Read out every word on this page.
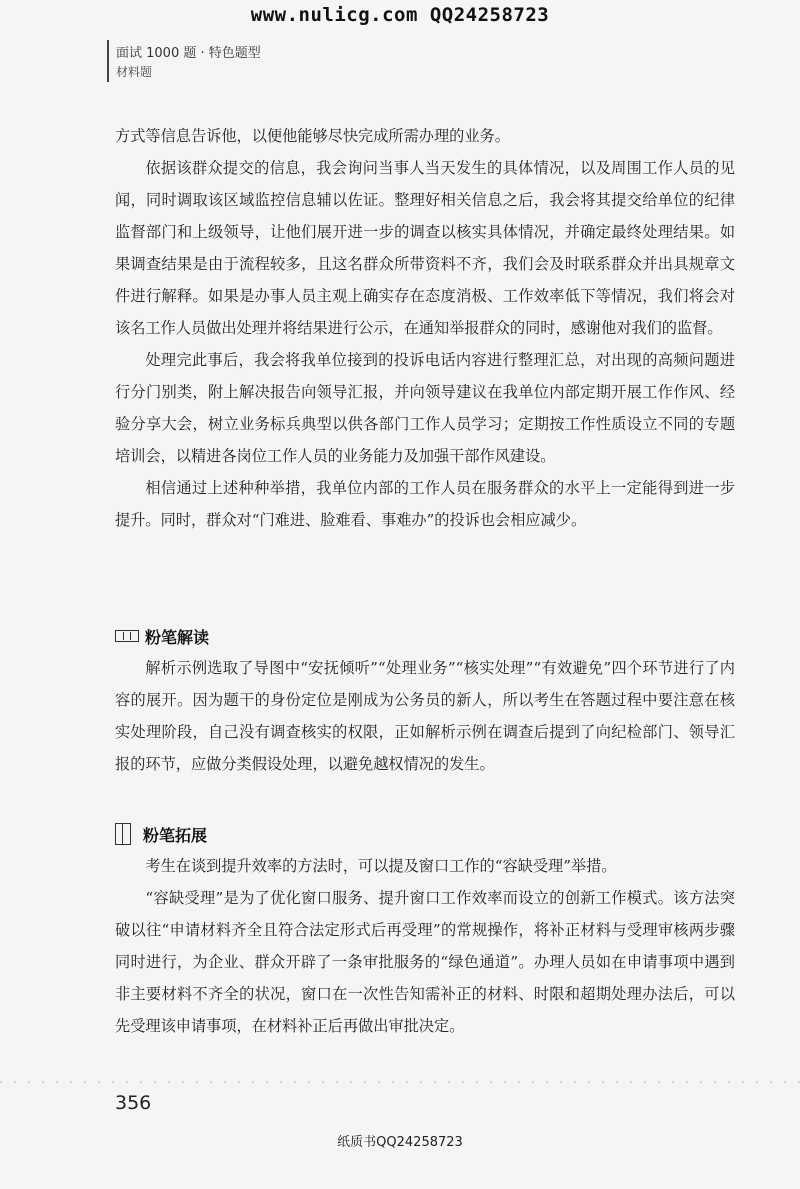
www.nulicg.com QQ24258723
面试 1000 题 · 特色题型
材料题

方式等信息告诉他，以便他能够尽快完成所需办理的业务。

依据该群众提交的信息，我会询问当事人当天发生的具体情况，以及周围工作人员的见闻，同时调取该区域监控信息辅以佐证。整理好相关信息之后，我会将其提交给单位的纪律监督部门和上级领导，让他们展开进一步的调查以核实具体情况，并确定最终处理结果。如果调查结果是由于流程较多，且这名群众所带资料不齐，我们会及时联系群众并出具规章文件进行解释。如果是办事人员主观上确实存在态度消极、工作效率低下等情况，我们将会对该名工作人员做出处理并将结果进行公示，在通知举报群众的同时，感谢他对我们的监督。

处理完此事后，我会将我单位接到的投诉电话内容进行整理汇总，对出现的高频问题进行分门别类，附上解决报告向领导汇报，并向领导建议在我单位内部定期开展工作作风、经验分享大会，树立业务标兵典型以供各部门工作人员学习；定期按工作性质设立不同的专题培训会，以精进各岗位工作人员的业务能力及加强干部作风建设。

相信通过上述种种举措，我单位内部的工作人员在服务群众的水平上一定能得到进一步提升。同时，群众对“门难进、脸难看、事难办”的投诉也会相应减少。

粉笔解读

解析示例选取了导图中“安抚倾听”“处理业务”“核实处理”“有效避免”四个环节进行了内容的展开。因为题干的身份定位是刚成为公务员的新人，所以考生在答题过程中要注意在核实处理阶段，自己没有调查核实的权限，正如解析示例在调查后提到了向纪检部门、领导汇报的环节，应做分类假设处理，以避免越权情况的发生。

粉笔拓展

考生在谈到提升效率的方法时，可以提及窗口工作的“容缺受理”举措。

“容缺受理”是为了优化窗口服务、提升窗口工作效率而设立的创新工作模式。该方法突破以往“申请材料齐全且符合法定形式后再受理”的常规操作，将补正材料与受理审核两步骤同时进行，为企业、群众开辟了一条审批服务的“绿色通道”。办理人员如在申请事项中遇到非主要材料不齐全的状况，窗口在一次性告知需补正的材料、时限和超期处理办法后，可以先受理该申请事项，在材料补正后再做出审批决定。

356
纸质书QQ24258723
